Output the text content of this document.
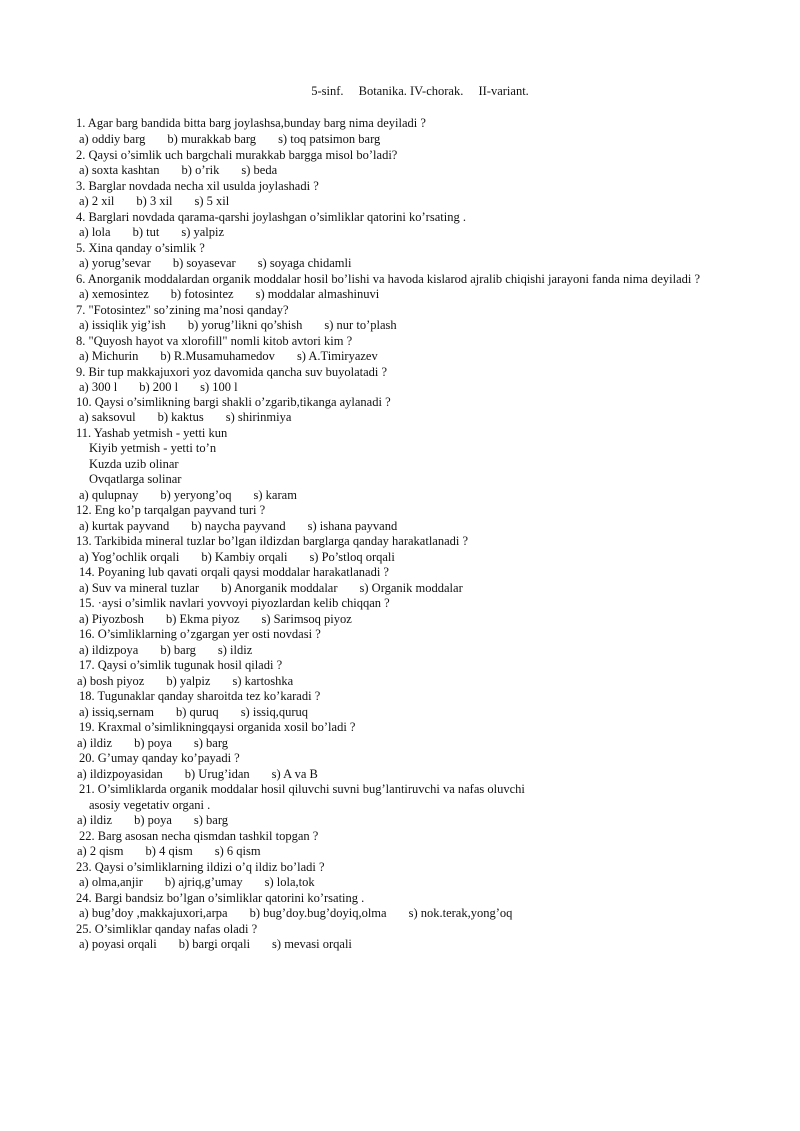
5-sinf. Botanika. IV-chorak. II-variant.
1. Agar barg bandida bitta barg joylashsa,bunday barg nima deyiladi ?
a) oddiy barg b) murakkab barg s) toq patsimon barg
2. Qaysi o’simlik uch bargchali murakkab bargga misol bo’ladi?
a) soxta kashtan b) o’rik s) beda
3. Barglar novdada necha xil usulda joylashadi ?
a) 2 xil b) 3 xil s) 5 xil
4. Barglari novdada qarama-qarshi joylashgan o’simliklar qatorini ko’rsating .
a) lola b) tut s) yalpiz
5. Xina qanday o’simlik ?
a) yorug’sevar b) soyasevar s) soyaga chidamli
6. Anorganik moddalardan organik moddalar hosil bo’lishi va havoda kislarod ajralib chiqishi jarayoni fanda nima deyiladi ?
a) xemosintez b) fotosintez s) moddalar almashinuvi
7. "Fotosintez" so’zining ma’nosi qanday?
a) issiqlik yig’ish b) yorug’likni qo’shish s) nur to’plash
8. "Quyosh hayot va xlorofill" nomli kitob avtori kim ?
a) Michurin b) R.Musamuhamedov s) A.Timiryazev
9. Bir tup makkajuxori yoz davomida qancha suv buyolatadi ?
a) 300 l b) 200 l s) 100 l
10. Qaysi o’simlikning bargi shakli o’zgarib,tikanga aylanadi ?
a) saksovul b) kaktus s) shirinmiya
11. Yashab yetmish - yetti kun
Kiyib yetmish - yetti to’n
Kuzda uzib olinar
Ovqatlarga solinar
a) qulupnay b) yeryong’oq s) karam
12. Eng ko’p tarqalgan payvand turi ?
a) kurtak payvand b) naycha payvand s) ishana payvand
13. Tarkibida mineral tuzlar bo’lgan ildizdan barglarga qanday harakatlanadi ?
a) Yog’ochlik orqali b) Kambiy orqali s) Po’stloq orqali
14. Poyaning lub qavati orqali qaysi moddalar harakatlanadi ?
a) Suv va mineral tuzlar b) Anorganik moddalar s) Organik moddalar
15. ·aysi o’simlik navlari yovvoyi piyozlardan kelib chiqqan ?
a) Piyozbosh b) Ekma piyoz s) Sarimsoq piyoz
16. O’simliklarning o’zgargan yer osti novdasi ?
a) ildizpoya b) barg s) ildiz
17. Qaysi o’simlik tugunak hosil qiladi ?
a) bosh piyoz b) yalpiz s) kartoshka
18. Tugunaklar qanday sharoitda tez ko’karadi ?
a) issiq,sernam b) quruq s) issiq,quruq
19. Kraxmal o’simlikningqaysi organida xosil bo’ladi ?
a) ildiz b) poya s) barg
20. G’umay qanday ko’payadi ?
a) ildizpoyasidan b) Urug’idan s) A va B
21. O’simliklarda organik moddalar hosil qiluvchi suvni bug’lantiruvchi va nafas oluvchi
asosiy vegetativ organi .
a) ildiz b) poya s) barg
22. Barg asosan necha qismdan tashkil topgan ?
a) 2 qism b) 4 qism s) 6 qism
23. Qaysi o’simliklarning ildizi o’q ildiz bo’ladi ?
a) olma,anjir b) ajriq,g’umay s) lola,tok
24. Bargi bandsiz bo’lgan o’simliklar qatorini ko’rsating .
a) bug’doy ,makkajuxori,arpa b) bug’doy.bug’doyiq,olma s) nok.terak,yong’oq
25. O’simliklar qanday nafas oladi ?
a) poyasi orqali b) bargi orqali s) mevasi orqali
